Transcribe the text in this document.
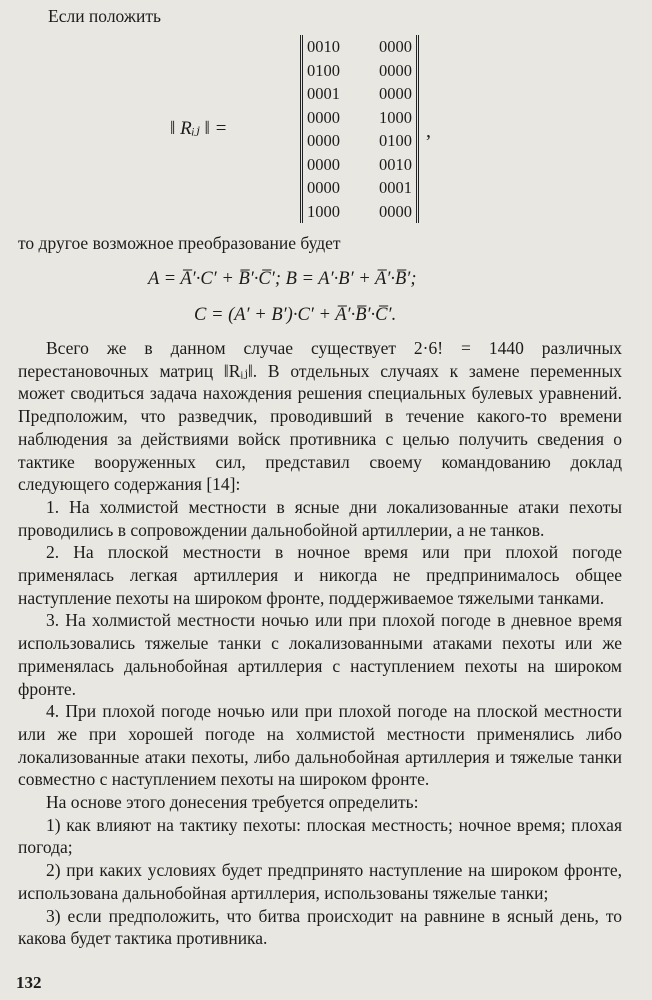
Если положить
‖ Rᵢⱼ ‖ =
0010 0000
0100 0000
0001 0000
0000 1000
0000 0100
0000 0010
0000 0001
1000 0000
,
то другое возможное преобразование будет
A = A̅′·C′ + B̅′·C̅′; B = A′·B′ + A̅′·B̅′;
C = (A′ + B′)·C′ + A̅′·B̅′·C̅′.

Всего же в данном случае существует 2·6! = 1440 различных перестановочных матриц ‖Rᵢⱼ‖. В отдельных случаях к замене переменных может сводиться задача нахождения решения специальных булевых уравнений. Предположим, что разведчик, проводивший в течение какого-то времени наблюдения за действиями войск противника с целью получить сведения о тактике вооруженных сил, представил своему командованию доклад следующего содержания [14]:

1. На холмистой местности в ясные дни локализованные атаки пехоты проводились в сопровождении дальнобойной артиллерии, а не танков.

2. На плоской местности в ночное время или при плохой погоде применялась легкая артиллерия и никогда не предпринималось общее наступление пехоты на широком фронте, поддерживаемое тяжелыми танками.

3. На холмистой местности ночью или при плохой погоде в дневное время использовались тяжелые танки с локализованными атаками пехоты или же применялась дальнобойная артиллерия с наступлением пехоты на широком фронте.

4. При плохой погоде ночью или при плохой погоде на плоской местности или же при хорошей погоде на холмистой местности применялись либо локализованные атаки пехоты, либо дальнобойная артиллерия и тяжелые танки совместно с наступлением пехоты на широком фронте.

На основе этого донесения требуется определить:

1) как влияют на тактику пехоты: плоская местность; ночное время; плохая погода;

2) при каких условиях будет предпринято наступление на широком фронте, использована дальнобойная артиллерия, использованы тяжелые танки;

3) если предположить, что битва происходит на равнине в ясный день, то какова будет тактика противника.

132
